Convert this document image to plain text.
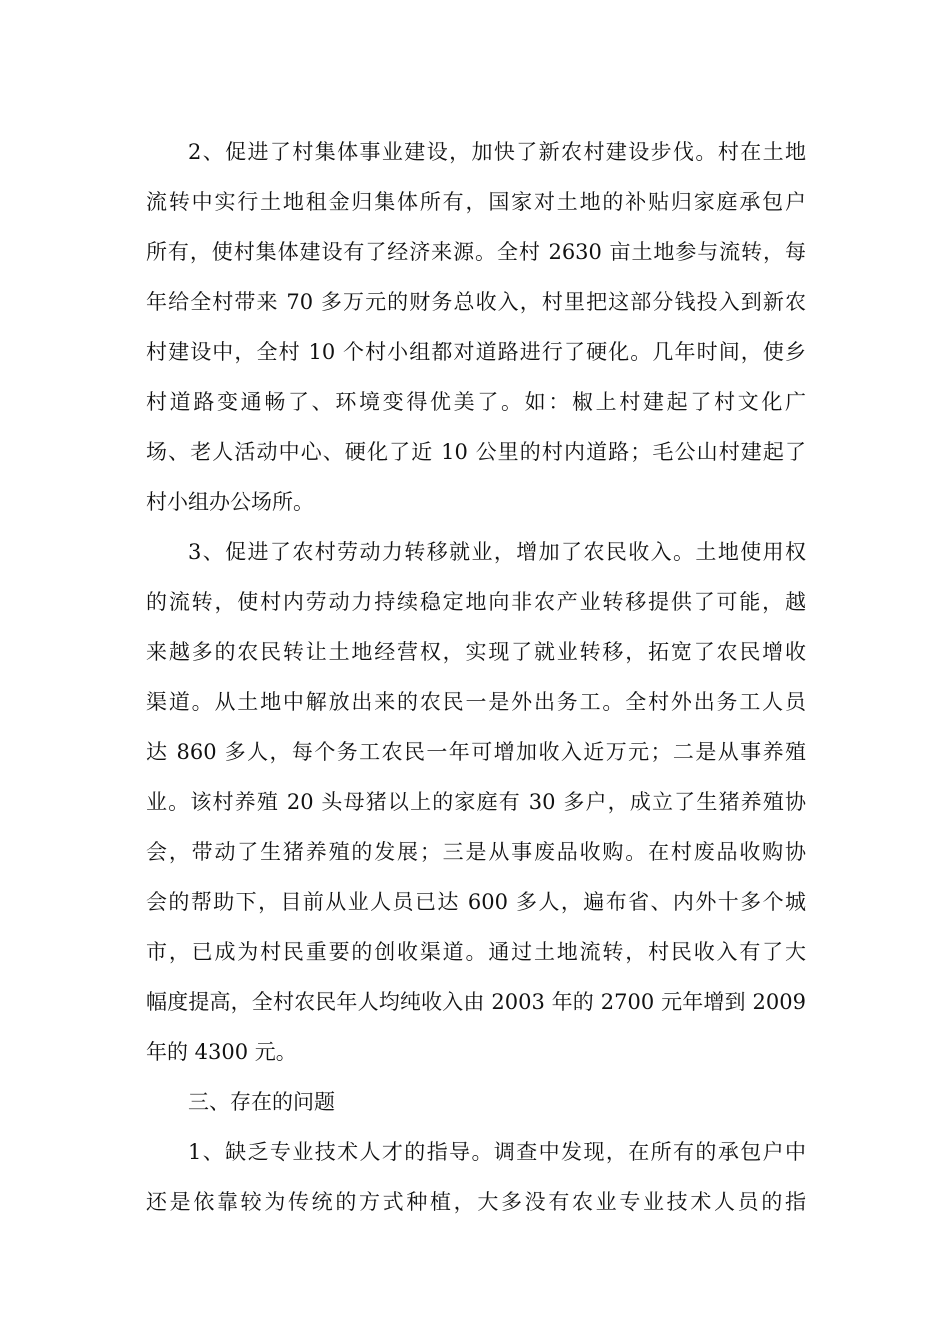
2、促进了村集体事业建设，加快了新农村建设步伐。村在土地
流转中实行土地租金归集体所有，国家对土地的补贴归家庭承包户
所有，使村集体建设有了经济来源。全村 2630 亩土地参与流转，每
年给全村带来 70 多万元的财务总收入，村里把这部分钱投入到新农
村建设中，全村 10 个村小组都对道路进行了硬化。几年时间，使乡
村道路变通畅了、环境变得优美了。如：椒上村建起了村文化广
场、老人活动中心、硬化了近 10 公里的村内道路；毛公山村建起了
村小组办公场所。
3、促进了农村劳动力转移就业，增加了农民收入。土地使用权
的流转，使村内劳动力持续稳定地向非农产业转移提供了可能，越
来越多的农民转让土地经营权，实现了就业转移，拓宽了农民增收
渠道。从土地中解放出来的农民一是外出务工。全村外出务工人员
达 860 多人，每个务工农民一年可增加收入近万元；二是从事养殖
业。该村养殖 20 头母猪以上的家庭有 30 多户，成立了生猪养殖协
会，带动了生猪养殖的发展；三是从事废品收购。在村废品收购协
会的帮助下，目前从业人员已达 600 多人，遍布省、内外十多个城
市，已成为村民重要的创收渠道。通过土地流转，村民收入有了大
幅度提高，全村农民年人均纯收入由 2003 年的 2700 元年增到 2009
年的 4300 元。
三、存在的问题
1、缺乏专业技术人才的指导。调查中发现，在所有的承包户中
还是依靠较为传统的方式种植，大多没有农业专业技术人员的指
